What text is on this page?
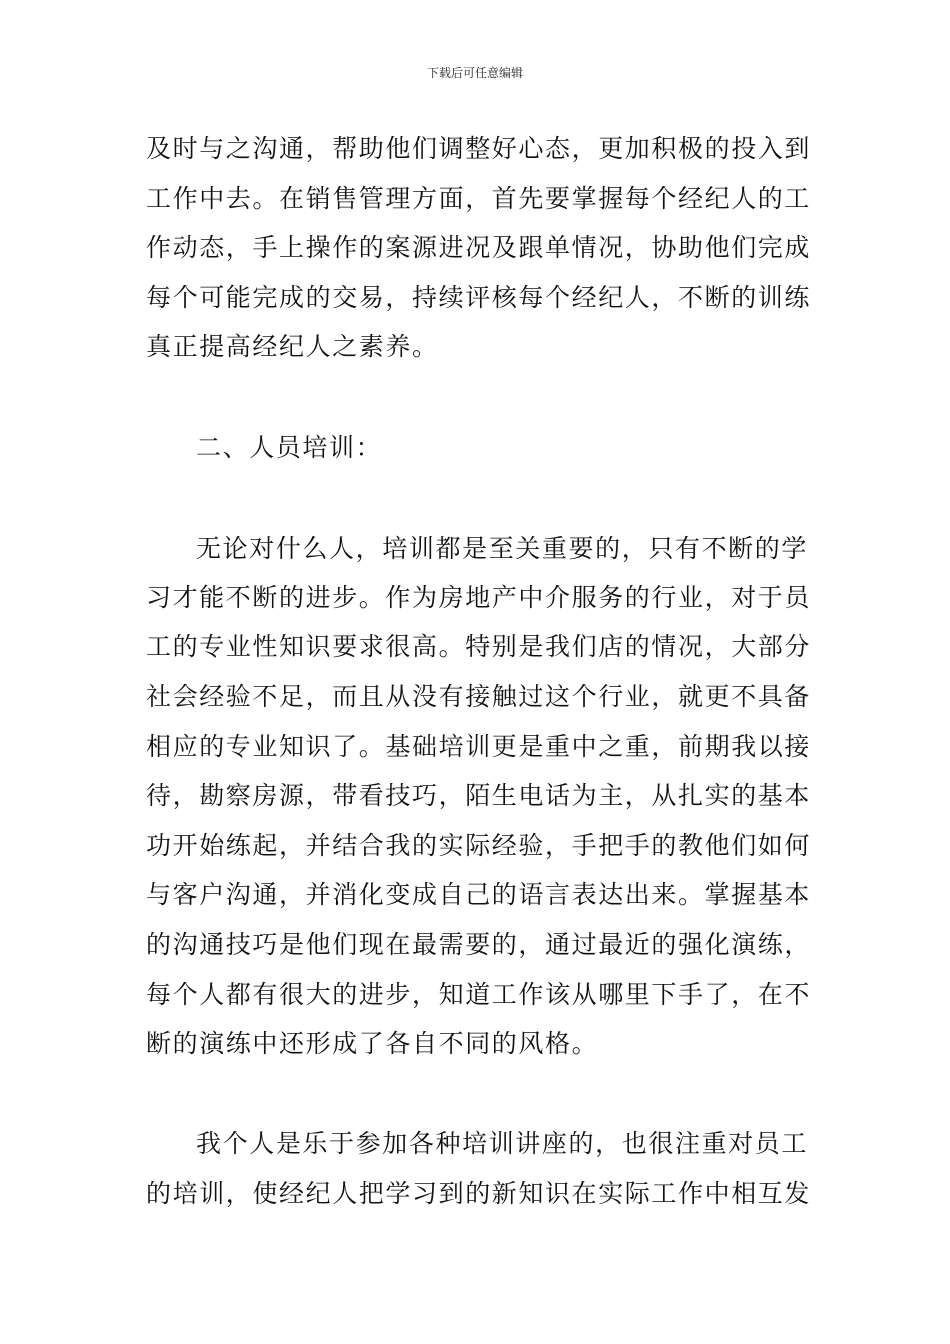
下载后可任意编辑
及时与之沟通，帮助他们调整好心态，更加积极的投入到
工作中去。在销售管理方面，首先要掌握每个经纪人的工
作动态，手上操作的案源进况及跟单情况，协助他们完成
每个可能完成的交易，持续评核每个经纪人，不断的训练
真正提高经纪人之素养。
二、人员培训：
无论对什么人，培训都是至关重要的，只有不断的学
习才能不断的进步。作为房地产中介服务的行业，对于员
工的专业性知识要求很高。特别是我们店的情况，大部分
社会经验不足，而且从没有接触过这个行业，就更不具备
相应的专业知识了。基础培训更是重中之重，前期我以接
待，勘察房源，带看技巧，陌生电话为主，从扎实的基本
功开始练起，并结合我的实际经验，手把手的教他们如何
与客户沟通，并消化变成自己的语言表达出来。掌握基本
的沟通技巧是他们现在最需要的，通过最近的强化演练，
每个人都有很大的进步，知道工作该从哪里下手了，在不
断的演练中还形成了各自不同的风格。
我个人是乐于参加各种培训讲座的，也很注重对员工
的培训，使经纪人把学习到的新知识在实际工作中相互发
